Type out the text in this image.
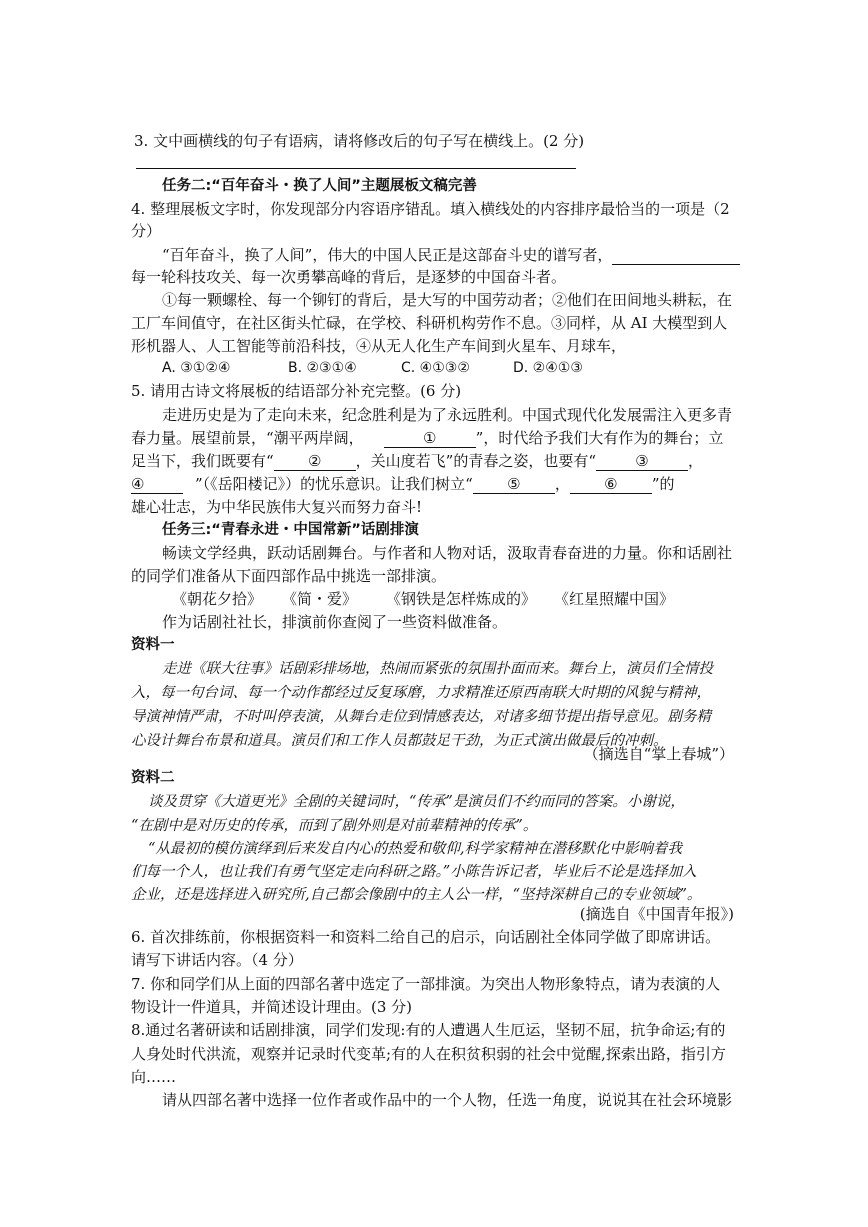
3. 文中画横线的句子有语病，请将修改后的句子写在横线上。(2 分)
任务二:“百年奋斗・换了人间”主题展板文稿完善
4. 整理展板文字时，你发现部分内容语序错乱。填入横线处的内容排序最恰当的一项是（2
分）
“百年奋斗，换了人间”，伟大的中国人民正是这部奋斗史的谱写者，
每一轮科技攻关、每一次勇攀高峰的背后，是逐梦的中国奋斗者。
①每一颗螺栓、每一个铆钉的背后，是大写的中国劳动者；②他们在田间地头耕耘，在
工厂车间值守，在社区街头忙碌，在学校、科研机构劳作不息。③同样，从 AI 大模型到人
形机器人、人工智能等前沿科技，④从无人化生产车间到火星车、月球车，
A. ③①②④	B. ②③①④	C. ④①③②	D. ②④①③
5. 请用古诗文将展板的结语部分补充完整。(6 分)
走进历史是为了走向未来，纪念胜利是为了永远胜利。中国式现代化发展需注入更多青
春力量。展望前景，“潮平两岸阔，	①	”，时代给予我们大有作为的舞台；立
足当下，我们既要有“ ② ，关山度若飞”的青春之姿，也要有“	③	，
④	”（《岳阳楼记》）的忧乐意识。让我们树立“ ⑤ ， ⑥ ”的
雄心壮志，为中华民族伟大复兴而努力奋斗!
任务三:“青春永进・中国常新”话剧排演
畅读文学经典，跃动话剧舞台。与作者和人物对话，汲取青春奋进的力量。你和话剧社
的同学们准备从下面四部作品中挑选一部排演。
《朝花夕拾》 《简・爱》 《钢铁是怎样炼成的》 《红星照耀中国》
作为话剧社社长，排演前你查阅了一些资料做准备。
资料一
走进《联大往事》话剧彩排场地，热闹而紧张的氛围扑面而来。舞台上，演员们全情投
入，每一句台词、每一个动作都经过反复琢磨，力求精准还原西南联大时期的风貌与精神，
导演神情严肃，不时叫停表演，从舞台走位到情感表达，对诸多细节提出指导意见。剧务精
心设计舞台布景和道具。演员们和工作人员都鼓足干劲，为正式演出做最后的冲刺。
（摘选自“掌上春城”）
资料二
谈及贯穿《大道更光》全剧的关键词时，“传承”是演员们不约而同的答案。小谢说，
“在剧中是对历史的传承，而到了剧外则是对前辈精神的传承”。
“从最初的模仿演绎到后来发自内心的热爱和敬仰,科学家精神在潜移默化中影响着我
们每一个人，也让我们有勇气坚定走向科研之路。”小陈告诉记者，毕业后不论是选择加入
企业，还是选择进入研究所,自己都会像剧中的主人公一样，“坚持深耕自己的专业领域”。
(摘选自《中国青年报》)
6. 首次排练前，你根据资料一和资料二给自己的启示，向话剧社全体同学做了即席讲话。
请写下讲话内容。（4 分）
7. 你和同学们从上面的四部名著中选定了一部排演。为突出人物形象特点，请为表演的人
物设计一件道具，并简述设计理由。(3 分)
8.通过名著研读和话剧排演，同学们发现:有的人遭遇人生厄运，坚韧不屈，抗争命运;有的
人身处时代洪流，观察并记录时代变革;有的人在积贫积弱的社会中觉醒,探索出路，指引方
向……
请从四部名著中选择一位作者或作品中的一个人物，任选一角度，说说其在社会环境影
